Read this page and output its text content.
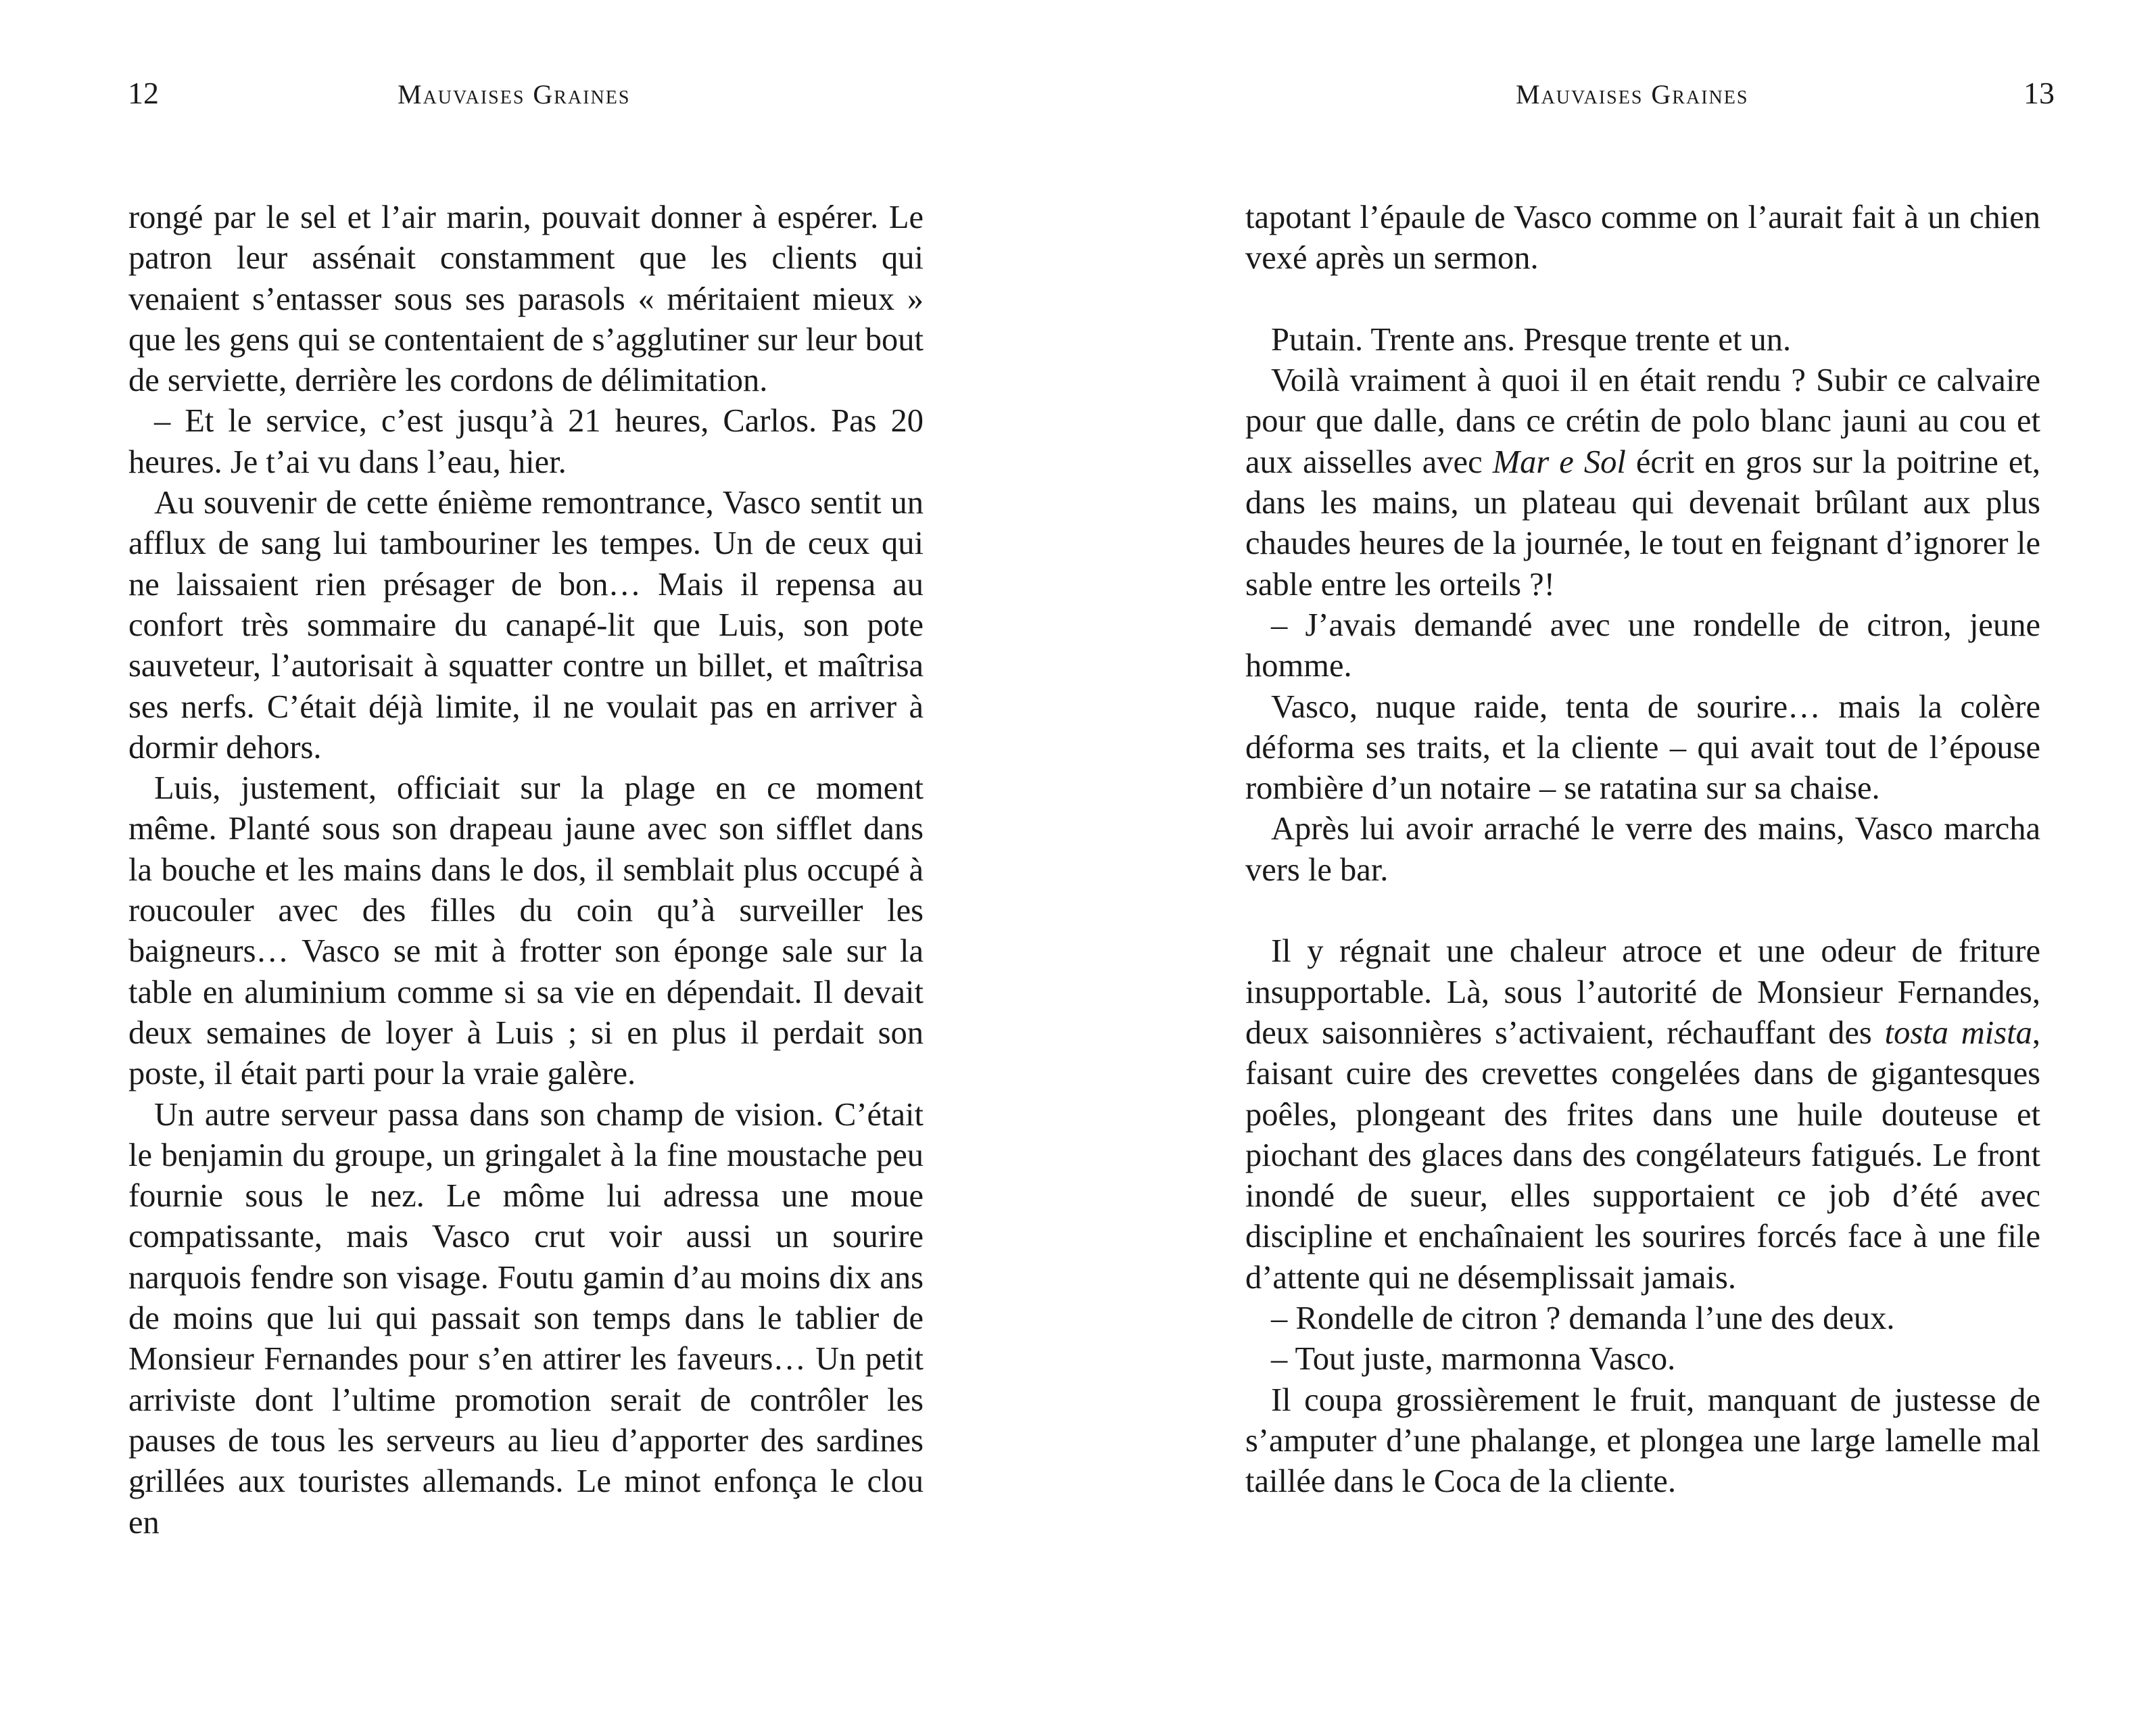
12	Mauvaises Graines

rongé par le sel et l’air marin, pouvait donner à espérer. Le patron leur assénait constamment que les clients qui venaient s’entasser sous ses parasols « méritaient mieux » que les gens qui se contentaient de s’agglutiner sur leur bout de serviette, derrière les cordons de délimitation.

– Et le service, c’est jusqu’à 21 heures, Carlos. Pas 20 heures. Je t’ai vu dans l’eau, hier.

Au souvenir de cette énième remontrance, Vasco sentit un afflux de sang lui tambouriner les tempes. Un de ceux qui ne laissaient rien présager de bon… Mais il repensa au confort très sommaire du canapé-lit que Luis, son pote sauveteur, l’autorisait à squatter contre un billet, et maîtrisa ses nerfs. C’était déjà limite, il ne voulait pas en arriver à dormir dehors.

Luis, justement, officiait sur la plage en ce moment même. Planté sous son drapeau jaune avec son sifflet dans la bouche et les mains dans le dos, il semblait plus occupé à roucouler avec des filles du coin qu’à surveiller les baigneurs… Vasco se mit à frotter son éponge sale sur la table en aluminium comme si sa vie en dépendait. Il devait deux semaines de loyer à Luis ; si en plus il perdait son poste, il était parti pour la vraie galère.

Un autre serveur passa dans son champ de vision. C’était le benjamin du groupe, un gringalet à la fine moustache peu fournie sous le nez. Le môme lui adressa une moue compatissante, mais Vasco crut voir aussi un sourire narquois fendre son visage. Foutu gamin d’au moins dix ans de moins que lui qui passait son temps dans le tablier de Monsieur Fernandes pour s’en attirer les faveurs… Un petit arriviste dont l’ultime promotion serait de contrôler les pauses de tous les serveurs au lieu d’apporter des sardines grillées aux touristes allemands. Le minot enfonça le clou en

Mauvaises Graines	13

tapotant l’épaule de Vasco comme on l’aurait fait à un chien vexé après un sermon.

Putain. Trente ans. Presque trente et un.

Voilà vraiment à quoi il en était rendu ? Subir ce calvaire pour que dalle, dans ce crétin de polo blanc jauni au cou et aux aisselles avec Mar e Sol écrit en gros sur la poitrine et, dans les mains, un plateau qui devenait brûlant aux plus chaudes heures de la journée, le tout en feignant d’ignorer le sable entre les orteils ?!

– J’avais demandé avec une rondelle de citron, jeune homme.

Vasco, nuque raide, tenta de sourire… mais la colère déforma ses traits, et la cliente – qui avait tout de l’épouse rombière d’un notaire – se ratatina sur sa chaise.

Après lui avoir arraché le verre des mains, Vasco marcha vers le bar.

Il y régnait une chaleur atroce et une odeur de friture insupportable. Là, sous l’autorité de Monsieur Fernandes, deux saisonnières s’activaient, réchauffant des tosta mista, faisant cuire des crevettes congelées dans de gigantesques poêles, plongeant des frites dans une huile douteuse et piochant des glaces dans des congélateurs fatigués. Le front inondé de sueur, elles supportaient ce job d’été avec discipline et enchaînaient les sourires forcés face à une file d’attente qui ne désemplissait jamais.

– Rondelle de citron ? demanda l’une des deux.

– Tout juste, marmonna Vasco.

Il coupa grossièrement le fruit, manquant de justesse de s’amputer d’une phalange, et plongea une large lamelle mal taillée dans le Coca de la cliente.
